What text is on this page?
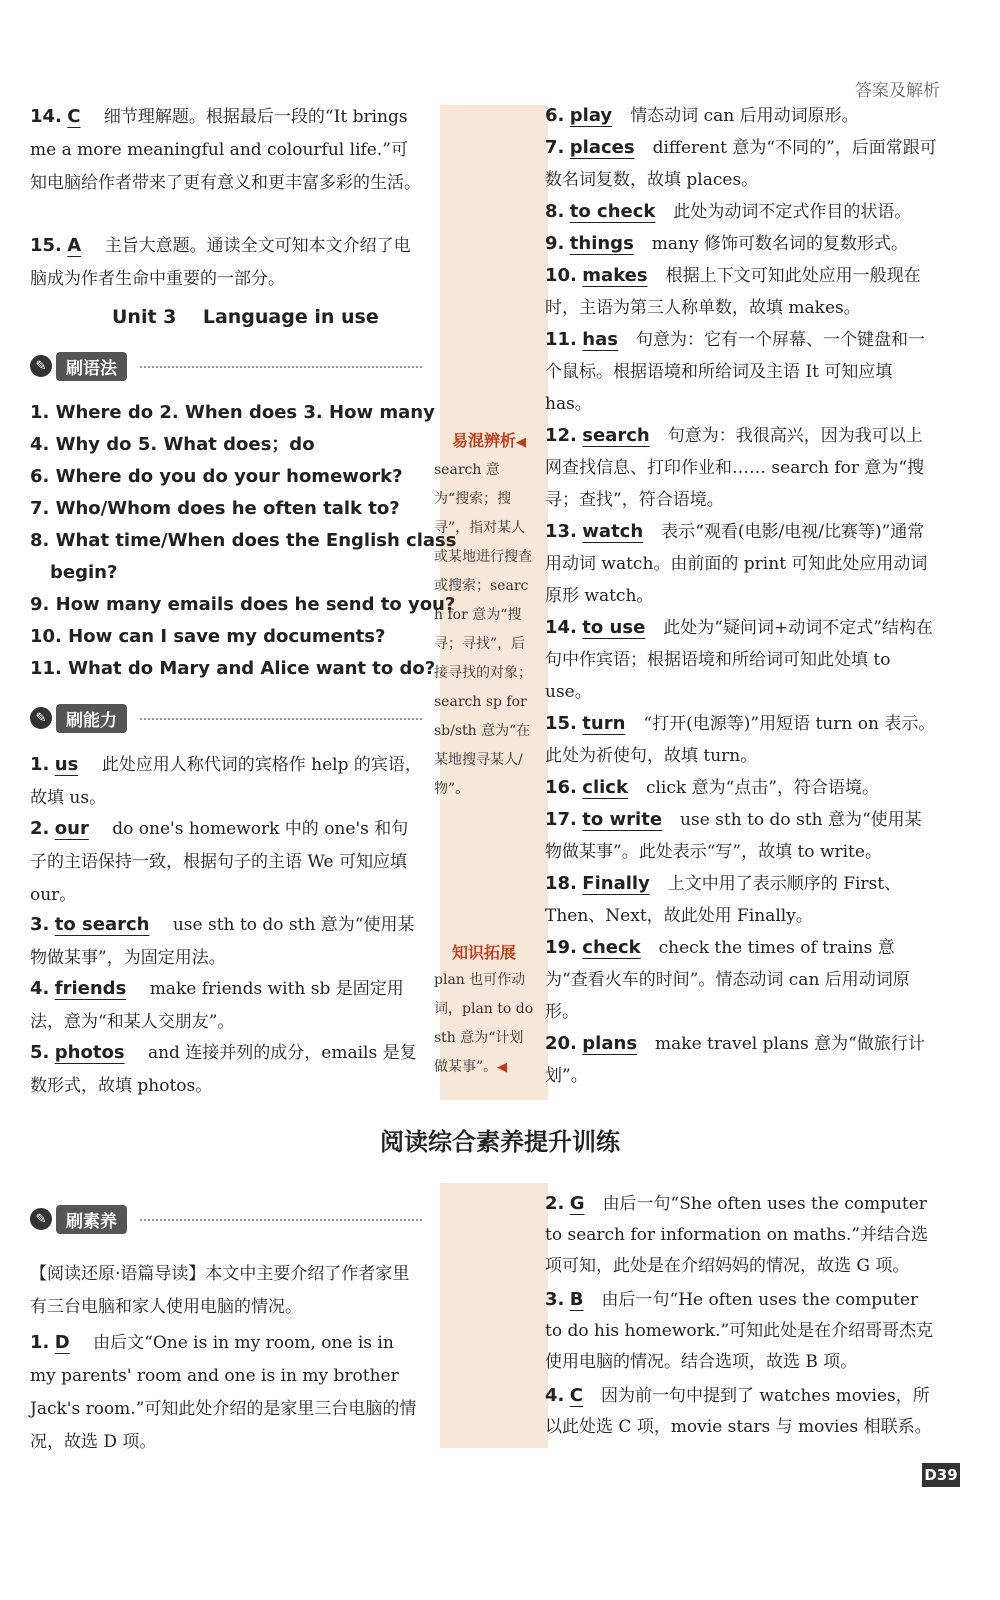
答案及解析
14. C 细节理解题。根据最后一段的“It brings me a more meaningful and colourful life.”可知电脑给作者带来了更有意义和更丰富多彩的生活。
15. A 主旨大意题。通读全文可知本文介绍了电脑成为作者生命中重要的一部分。
Unit 3    Language in use
✎	刷语法
1. Where do 2. When does 3. How many
4. Why do 5. What does；do
6. Where do you do your homework?
7. Who/Whom does he often talk to?
8. What time/When does the English class
begin?
9. How many emails does he send to you?
10. How can I save my documents?
11. What do Mary and Alice want to do?
✎	刷能力
1. us 此处应用人称代词的宾格作 help 的宾语，故填 us。
2. our do one's homework 中的 one's 和句子的主语保持一致，根据句子的主语 We 可知应填 our。
3. to search use sth to do sth 意为“使用某物做某事”，为固定用法。
4. friends make friends with sb 是固定用法，意为“和某人交朋友”。
5. photos and 连接并列的成分，emails 是复数形式，故填 photos。
易混辨析◀
search 意为“搜索；搜寻”，指对某人或某地进行搜查或搜索；search for 意为“搜寻；寻找”，后接寻找的对象；search sp for sb/sth 意为“在某地搜寻某人/物”。
知识拓展
plan 也可作动词，plan to do sth 意为“计划做某事”。◀
6. play 情态动词 can 后用动词原形。
7. places different 意为“不同的”，后面常跟可数名词复数，故填 places。
8. to check 此处为动词不定式作目的状语。
9. things many 修饰可数名词的复数形式。
10. makes 根据上下文可知此处应用一般现在时，主语为第三人称单数，故填 makes。
11. has 句意为：它有一个屏幕、一个键盘和一个鼠标。根据语境和所给词及主语 It 可知应填 has。
12. search 句意为：我很高兴，因为我可以上网查找信息、打印作业和…… search for 意为“搜寻；查找”，符合语境。
13. watch 表示“观看(电影/电视/比赛等)”通常用动词 watch。由前面的 print 可知此处应用动词原形 watch。
14. to use 此处为“疑问词+动词不定式”结构在句中作宾语；根据语境和所给词可知此处填 to use。
15. turn “打开(电源等)”用短语 turn on 表示。此处为祈使句，故填 turn。
16. click click 意为“点击”，符合语境。
17. to write use sth to do sth 意为“使用某物做某事”。此处表示“写”，故填 to write。
18. Finally 上文中用了表示顺序的 First、Then、Next，故此处用 Finally。
19. check check the times of trains 意为“查看火车的时间”。情态动词 can 后用动词原形。
20. plans make travel plans 意为“做旅行计划”。
阅读综合素养提升训练
✎	刷素养
【阅读还原·语篇导读】本文中主要介绍了作者家里有三台电脑和家人使用电脑的情况。
1. D 由后文“One is in my room, one is in my parents' room and one is in my brother Jack's room.”可知此处介绍的是家里三台电脑的情况，故选 D 项。
2. G 由后一句“She often uses the computer to search for information on maths.”并结合选项可知，此处是在介绍妈妈的情况，故选 G 项。
3. B 由后一句“He often uses the computer to do his homework.”可知此处是在介绍哥哥杰克使用电脑的情况。结合选项，故选 B 项。
4. C 因为前一句中提到了 watches movies，所以此处选 C 项，movie stars 与 movies 相联系。
D39
